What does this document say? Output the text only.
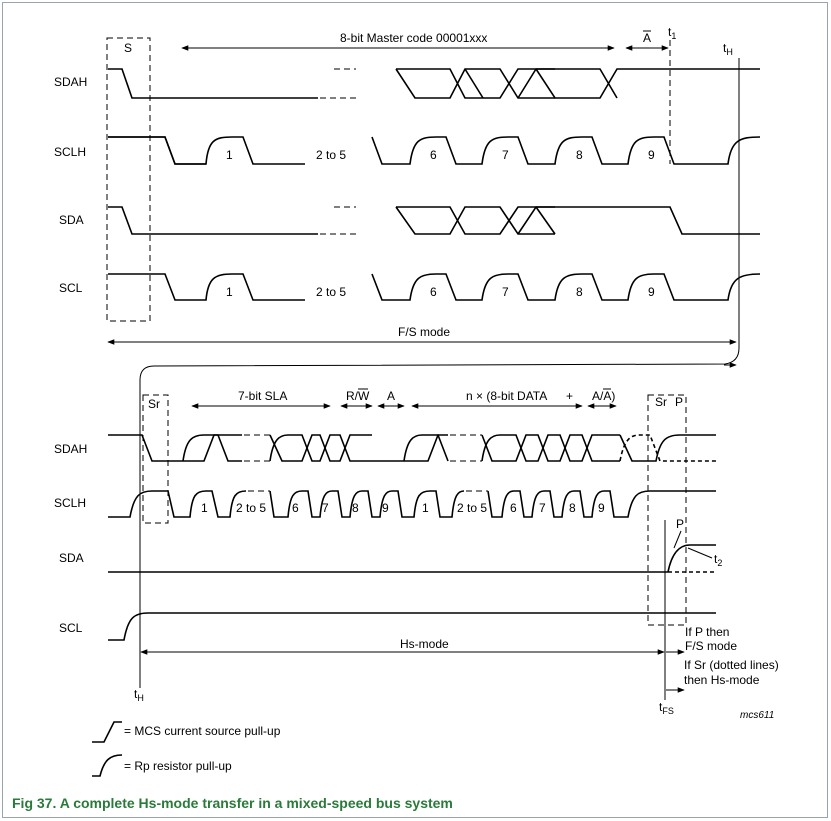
SDAH
SCLH
SDA
SCL
S
1	2 to 5	6	7	8	9
1	2 to 5	6	7	8	9
8-bit Master code 00001xxx	A $t_1$
$t_H$
F/S mode
SDAH
SCLH
SDA
SCL
Sr	Sr P
7-bit SLA	R/W A	n × (8-bit DATA + A/A)
1 2 to 5 6 7 8 9	1 2 to 5 6 7 8 9
P
$t_2$
$t_H$
$t_{FS}$
Hs-mode
If P then
F/S mode
If Sr (dotted lines)
then Hs-mode
mcs611
= MCS current source pull-up
= Rp resistor pull-up
Fig 37. A complete Hs-mode transfer in a mixed-speed bus system
